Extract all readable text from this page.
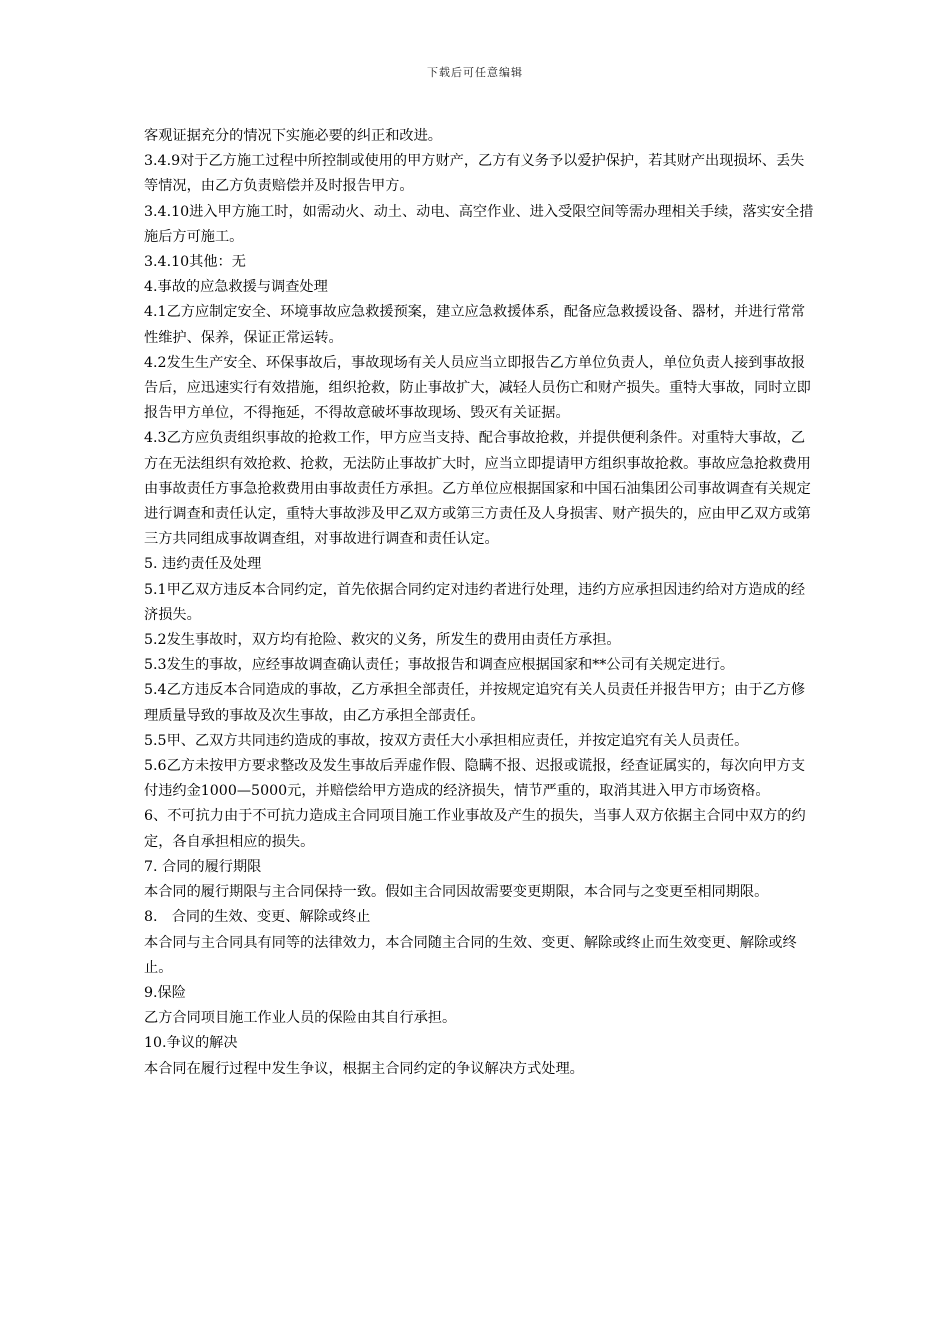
下载后可任意编辑

客观证据充分的情况下实施必要的纠正和改进。

3.4.9对于乙方施工过程中所控制或使用的甲方财产，乙方有义务予以爱护保护，若其财产出现损坏、丢失等情况，由乙方负责赔偿并及时报告甲方。

3.4.10进入甲方施工时，如需动火、动土、动电、高空作业、进入受限空间等需办理相关手续，落实安全措施后方可施工。

3.4.10其他：无

4.事故的应急救援与调查处理

4.1乙方应制定安全、环境事故应急救援预案，建立应急救援体系，配备应急救援设备、器材，并进行常常性维护、保养，保证正常运转。

4.2发生生产安全、环保事故后，事故现场有关人员应当立即报告乙方单位负责人，单位负责人接到事故报告后，应迅速实行有效措施，组织抢救，防止事故扩大，减轻人员伤亡和财产损失。重特大事故，同时立即报告甲方单位，不得拖延，不得故意破坏事故现场、毁灭有关证据。

4.3乙方应负责组织事故的抢救工作，甲方应当支持、配合事故抢救，并提供便利条件。对重特大事故，乙方在无法组织有效抢救、抢救，无法防止事故扩大时，应当立即提请甲方组织事故抢救。事故应急抢救费用由事故责任方事急抢救费用由事故责任方承担。乙方单位应根据国家和中国石油集团公司事故调查有关规定进行调查和责任认定，重特大事故涉及甲乙双方或第三方责任及人身损害、财产损失的，应由甲乙双方或第三方共同组成事故调查组，对事故进行调查和责任认定。

5. 违约责任及处理

5.1甲乙双方违反本合同约定，首先依据合同约定对违约者进行处理，违约方应承担因违约给对方造成的经济损失。

5.2发生事故时，双方均有抢险、救灾的义务，所发生的费用由责任方承担。

5.3发生的事故，应经事故调查确认责任；事故报告和调查应根据国家和**公司有关规定进行。

5.4乙方违反本合同造成的事故，乙方承担全部责任，并按规定追究有关人员责任并报告甲方；由于乙方修理质量导致的事故及次生事故，由乙方承担全部责任。

5.5甲、乙双方共同违约造成的事故，按双方责任大小承担相应责任，并按定追究有关人员责任。

5.6乙方未按甲方要求整改及发生事故后弄虚作假、隐瞒不报、迟报或谎报，经查证属实的，每次向甲方支付违约金1000—5000元，并赔偿给甲方造成的经济损失，情节严重的，取消其进入甲方市场资格。

6、不可抗力由于不可抗力造成主合同项目施工作业事故及产生的损失，当事人双方依据主合同中双方的约定，各自承担相应的损失。

7. 合同的履行期限

本合同的履行期限与主合同保持一致。假如主合同因故需要变更期限，本合同与之变更至相同期限。

8.　合同的生效、变更、解除或终止

本合同与主合同具有同等的法律效力，本合同随主合同的生效、变更、解除或终止而生效变更、解除或终止。

9.保险

乙方合同项目施工作业人员的保险由其自行承担。

10.争议的解决

本合同在履行过程中发生争议，根据主合同约定的争议解决方式处理。
